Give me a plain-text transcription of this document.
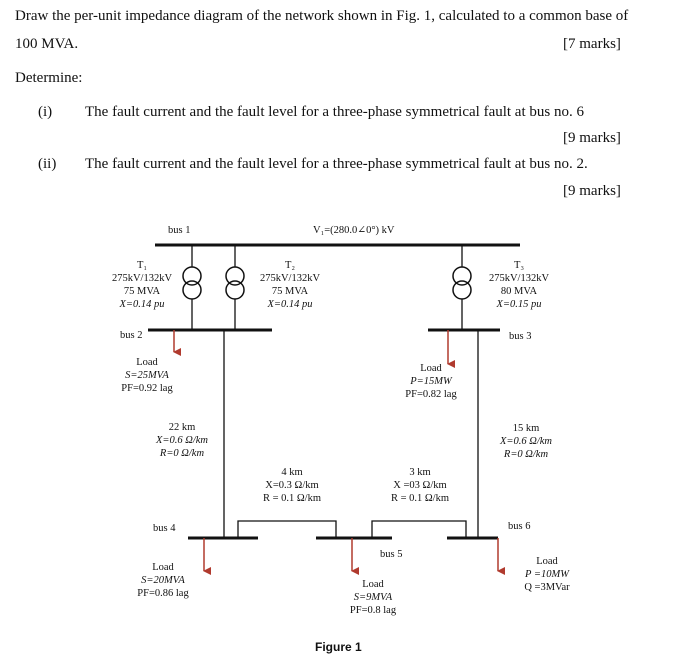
Draw the per-unit impedance diagram of the network shown in Fig. 1, calculated to a common base of
100 MVA.	[7 marks]
Determine:
(i) The fault current and the fault level for a three-phase symmetrical fault at bus no. 6
[9 marks]
(ii) The fault current and the fault level for a three-phase symmetrical fault at bus no. 2.
[9 marks]
bus 1	V₁=(280.0∠0°) kV
T₁
275kV/132kV
75 MVA
X=0.14 pu
T₂
275kV/132kV
75 MVA
X=0.14 pu
T₃
275kV/132kV
80 MVA
X=0.15 pu
bus 2	bus 3
Load
S=25MVA
PF=0.92 lag
Load
P=15MW
PF=0.82 lag
22 km
X=0.6 Ω/km
R=0 Ω/km
15 km
X=0.6 Ω/km
R=0 Ω/km
4 km
X=0.3 Ω/km
R = 0.1 Ω/km
3 km
X =03 Ω/km
R = 0.1 Ω/km
bus 4	bus 6
bus 5
Load
S=20MVA
PF=0.86 lag
Load
S=9MVA
PF=0.8 lag
Load
P =10MW
Q =3MVar
Figure 1
